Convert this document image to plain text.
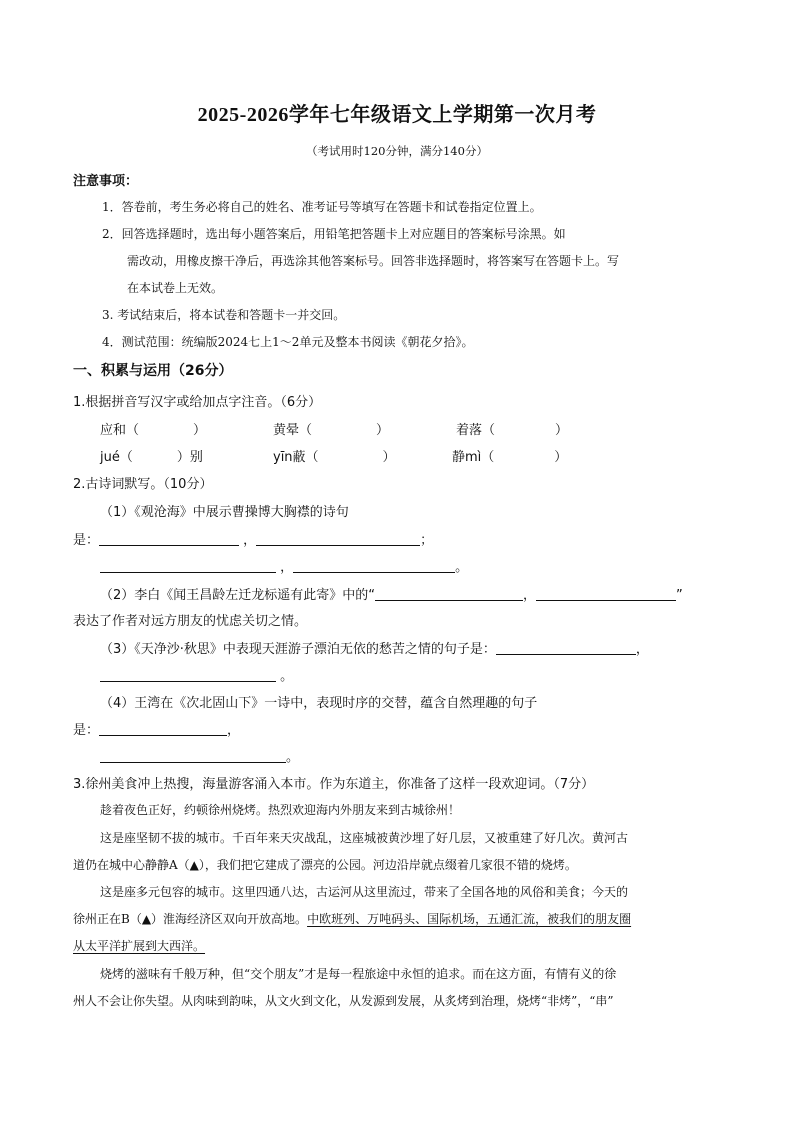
2025-2026学年七年级语文上学期第一次月考
（考试用时120分钟，满分140分）
注意事项：
1．答卷前，考生务必将自己的姓名、准考证号等填写在答题卡和试卷指定位置上。
2．回答选择题时，选出每小题答案后，用铅笔把答题卡上对应题目的答案标号涂黑。如
需改动，用橡皮擦干净后，再选涂其他答案标号。回答非选择题时，将答案写在答题卡上。写
在本试卷上无效。
3. 考试结束后，将本试卷和答题卡一并交回。
4．测试范围：统编版2024七上1～2单元及整本书阅读《朝花夕拾》。
一、积累与运用（26分）
1.根据拼音写汉字或给加点字注音。（6分）
应和（	）	黄晕（	）	着落（	）
jué（	）别	yīn蔽（	）	静mì（	）
2.古诗词默写。（10分）
（1）《观沧海》中展示曹操博大胸襟的诗句
是：	，	；
，	。
（2）李白《闻王昌龄左迁龙标遥有此寄》中的“	，	”
表达了作者对远方朋友的忧虑关切之情。
（3）《天净沙·秋思》中表现天涯游子漂泊无依的愁苦之情的句子是：	，
。
（4）王湾在《次北固山下》一诗中，表现时序的交替，蕴含自然理趣的句子
是：	，
。
3.徐州美食冲上热搜，海量游客涌入本市。作为东道主，你准备了这样一段欢迎词。（7分）
趁着夜色正好，约顿徐州烧烤。热烈欢迎海内外朋友来到古城徐州！
这是座坚韧不拔的城市。千百年来天灾战乱，这座城被黄沙埋了好几层，又被重建了好几次。黄河古
道仍在城中心静静A（▲），我们把它建成了漂亮的公园。河边沿岸就点缀着几家很不错的烧烤。
这是座多元包容的城市。这里四通八达，古运河从这里流过，带来了全国各地的风俗和美食；今天的
徐州正在B（▲）淮海经济区双向开放高地。中欧班列、万吨码头、国际机场，五通汇流，被我们的朋友圈
从太平洋扩展到大西洋。
烧烤的滋味有千般万种，但“交个朋友”才是每一程旅途中永恒的追求。而在这方面，有情有义的徐
州人不会让你失望。从肉味到韵味，从文火到文化，从发源到发展，从炙烤到治理，烧烤“非烤”，“串”
